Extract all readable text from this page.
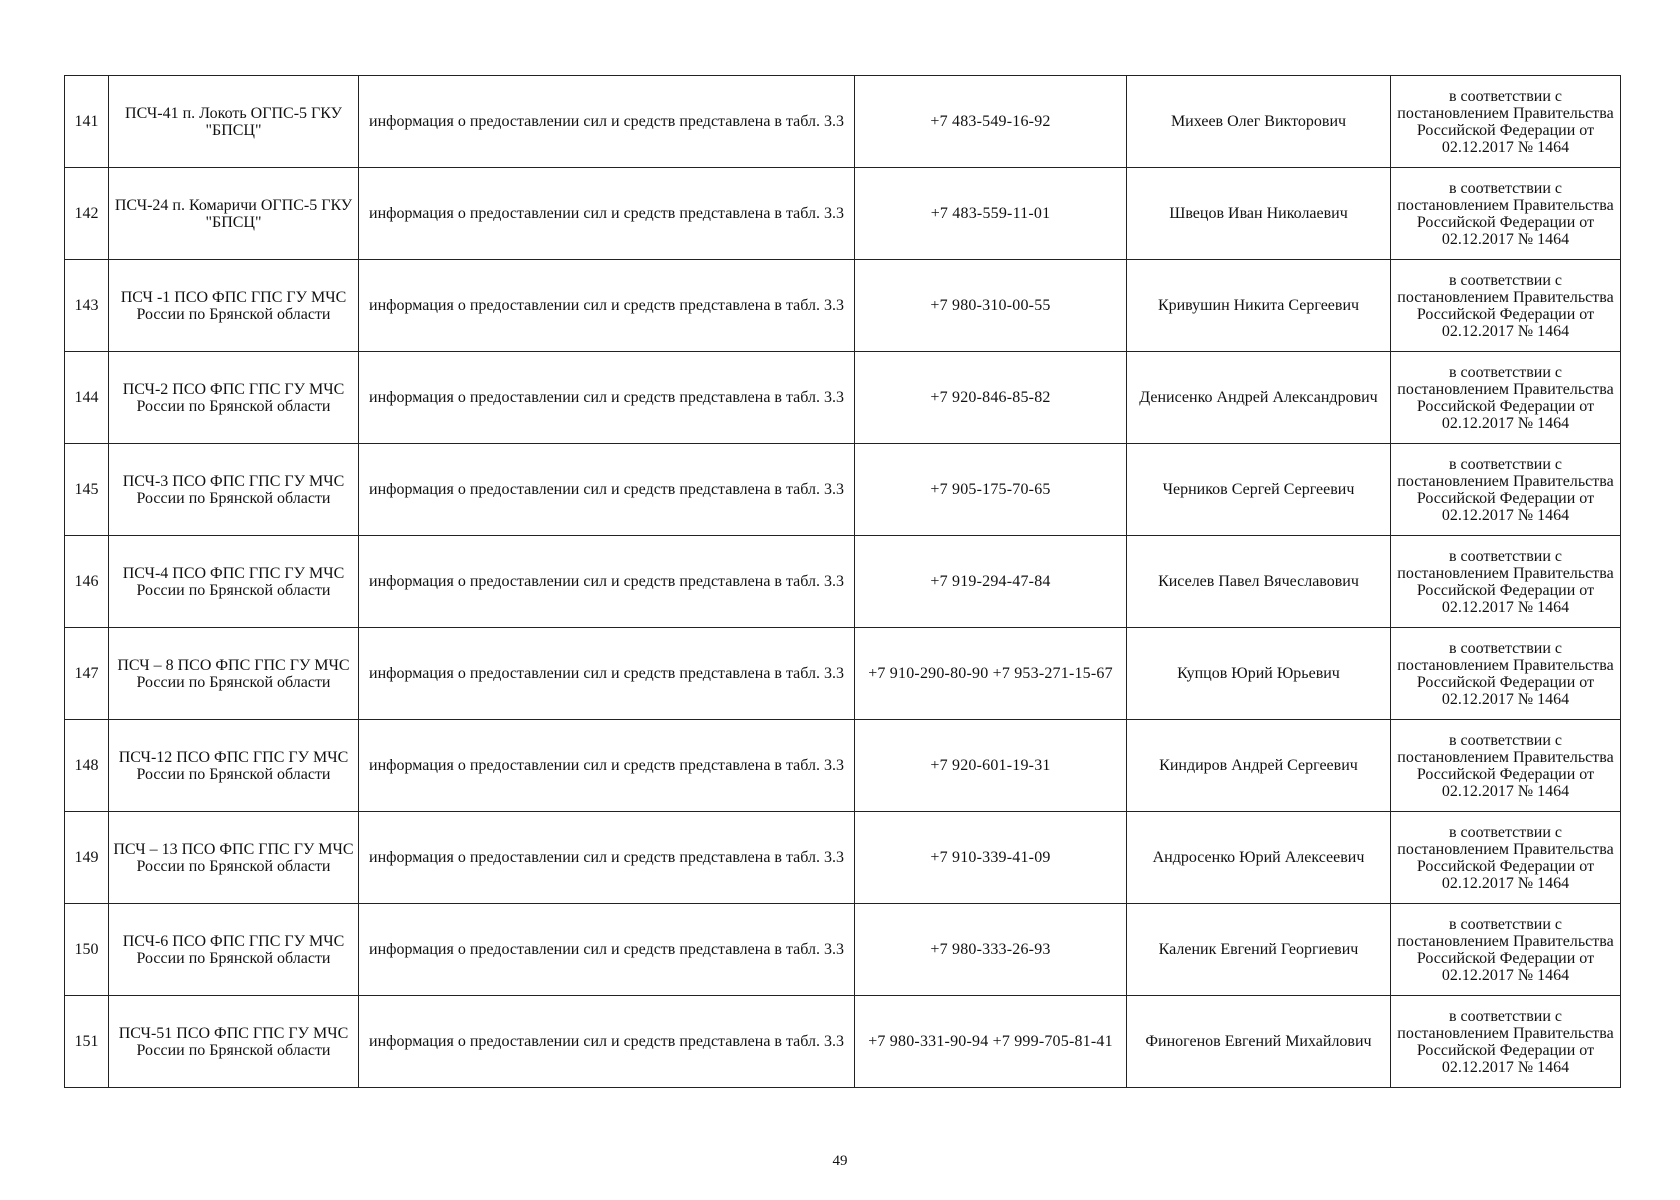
141	ПСЧ-41 п. Локоть ОГПС-5 ГКУ "БПСЦ"	информация о предоставлении сил и средств представлена в табл. 3.3	+7 483-549-16-92	Михеев Олег Викторович	в соответствии с постановлением Правительства Российской Федерации от 02.12.2017 № 1464
142	ПСЧ-24 п. Комаричи ОГПС-5 ГКУ "БПСЦ"	информация о предоставлении сил и средств представлена в табл. 3.3	+7 483-559-11-01	Швецов Иван Николаевич	в соответствии с постановлением Правительства Российской Федерации от 02.12.2017 № 1464
143	ПСЧ -1 ПСО ФПС ГПС ГУ МЧС России по Брянской области	информация о предоставлении сил и средств представлена в табл. 3.3	+7 980-310-00-55	Кривушин Никита Сергеевич	в соответствии с постановлением Правительства Российской Федерации от 02.12.2017 № 1464
144	ПСЧ-2 ПСО ФПС ГПС ГУ МЧС России по Брянской области	информация о предоставлении сил и средств представлена в табл. 3.3	+7 920-846-85-82	Денисенко Андрей Александрович	в соответствии с постановлением Правительства Российской Федерации от 02.12.2017 № 1464
145	ПСЧ-3 ПСО ФПС ГПС ГУ МЧС России по Брянской области	информация о предоставлении сил и средств представлена в табл. 3.3	+7 905-175-70-65	Черников Сергей Сергеевич	в соответствии с постановлением Правительства Российской Федерации от 02.12.2017 № 1464
146	ПСЧ-4 ПСО ФПС ГПС ГУ МЧС России по Брянской области	информация о предоставлении сил и средств представлена в табл. 3.3	+7 919-294-47-84	Киселев Павел Вячеславович	в соответствии с постановлением Правительства Российской Федерации от 02.12.2017 № 1464
147	ПСЧ – 8 ПСО ФПС ГПС ГУ МЧС России по Брянской области	информация о предоставлении сил и средств представлена в табл. 3.3	+7 910-290-80-90 +7 953-271-15-67	Купцов Юрий Юрьевич	в соответствии с постановлением Правительства Российской Федерации от 02.12.2017 № 1464
148	ПСЧ-12 ПСО ФПС ГПС ГУ МЧС России по Брянской области	информация о предоставлении сил и средств представлена в табл. 3.3	+7 920-601-19-31	Киндиров Андрей Сергеевич	в соответствии с постановлением Правительства Российской Федерации от 02.12.2017 № 1464
149	ПСЧ – 13 ПСО ФПС ГПС ГУ МЧС России по Брянской области	информация о предоставлении сил и средств представлена в табл. 3.3	+7 910-339-41-09	Андросенко Юрий Алексеевич	в соответствии с постановлением Правительства Российской Федерации от 02.12.2017 № 1464
150	ПСЧ-6 ПСО ФПС ГПС ГУ МЧС России по Брянской области	информация о предоставлении сил и средств представлена в табл. 3.3	+7 980-333-26-93	Каленик Евгений Георгиевич	в соответствии с постановлением Правительства Российской Федерации от 02.12.2017 № 1464
151	ПСЧ-51 ПСО ФПС ГПС ГУ МЧС России по Брянской области	информация о предоставлении сил и средств представлена в табл. 3.3	+7 980-331-90-94 +7 999-705-81-41	Финогенов Евгений Михайлович	в соответствии с постановлением Правительства Российской Федерации от 02.12.2017 № 1464
49
